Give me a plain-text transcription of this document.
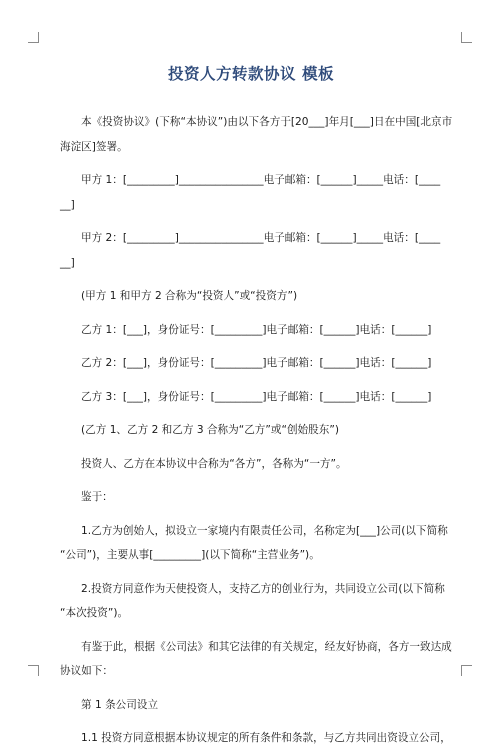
投资人方转款协议 模板
本《投资协议》(下称“本协议”)由以下各方于[20___]年月[___]日在中国[北京市
海淀区]签署。
甲方 1：[_________]________________电子邮箱：[______]_____电话：[____
__]
甲方 2：[_________]________________电子邮箱：[______]_____电话：[____
__]
(甲方 1 和甲方 2 合称为“投资人”或“投资方”)
乙方 1：[___]，身份证号：[_________]电子邮箱：[______]电话：[______]
乙方 2：[___]，身份证号：[_________]电子邮箱：[______]电话：[______]
乙方 3：[___]，身份证号：[_________]电子邮箱：[______]电话：[______]
(乙方 1、乙方 2 和乙方 3 合称为“乙方”或“创始股东”)
投资人、乙方在本协议中合称为“各方”，各称为“一方”。
鉴于：
1.乙方为创始人，拟设立一家境内有限责任公司，名称定为[___]公司(以下简称
“公司”)，主要从事[_________](以下简称“主营业务”)。
2.投资方同意作为天使投资人，支持乙方的创业行为，共同设立公司(以下简称
“本次投资”)。
有鉴于此，根据《公司法》和其它法律的有关规定，经友好协商，各方一致达成
协议如下：
第 1 条公司设立
1.1 投资方同意根据本协议规定的所有条件和条款，与乙方共同出资设立公司，
